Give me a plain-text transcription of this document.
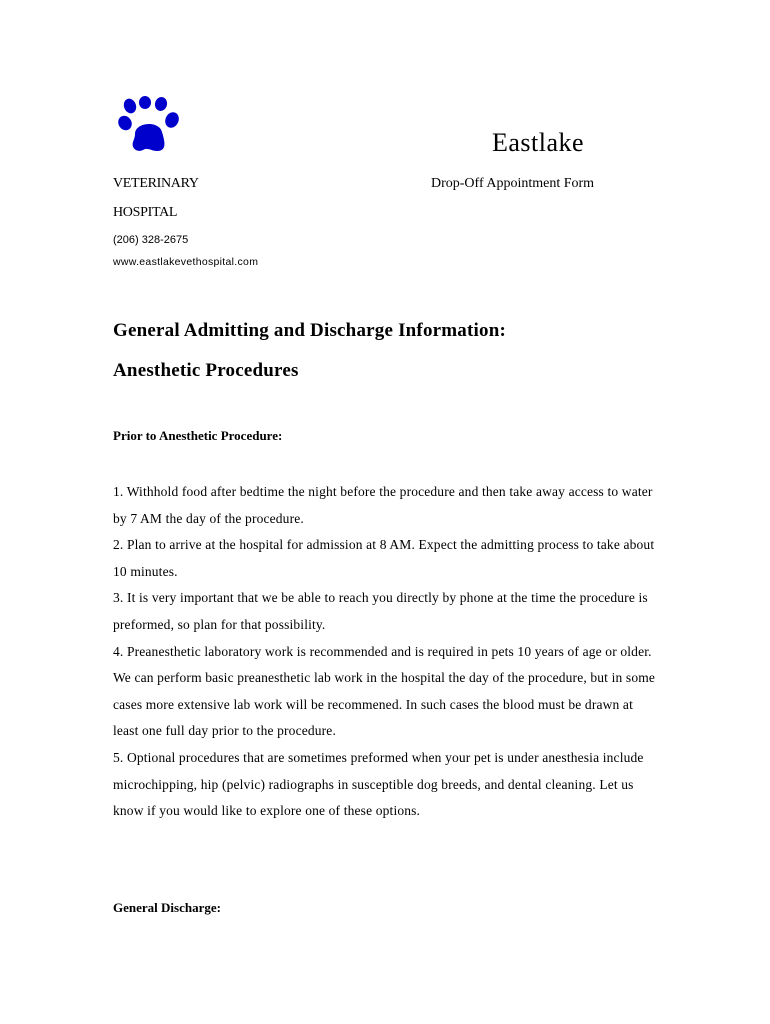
Eastlake
VETERINARY
HOSPITAL
Drop-Off Appointment Form
(206) 328-2675
www.eastlakevethospital.com
General Admitting and Discharge Information:
Anesthetic Procedures
Prior to Anesthetic Procedure:

1. Withhold food after bedtime the night before the procedure and then take away access to water by 7 AM the day of the procedure.

2. Plan to arrive at the hospital for admission at 8 AM. Expect the admitting process to take about 10 minutes.

3. It is very important that we be able to reach you directly by phone at the time the procedure is preformed, so plan for that possibility.

4. Preanesthetic laboratory work is recommended and is required in pets 10 years of age or older. We can perform basic preanesthetic lab work in the hospital the day of the procedure, but in some cases more extensive lab work will be recommened. In such cases the blood must be drawn at least one full day prior to the procedure.

5. Optional procedures that are sometimes preformed when your pet is under anesthesia include microchipping, hip (pelvic) radiographs in susceptible dog breeds, and dental cleaning. Let us know if you would like to explore one of these options.

General Discharge:
